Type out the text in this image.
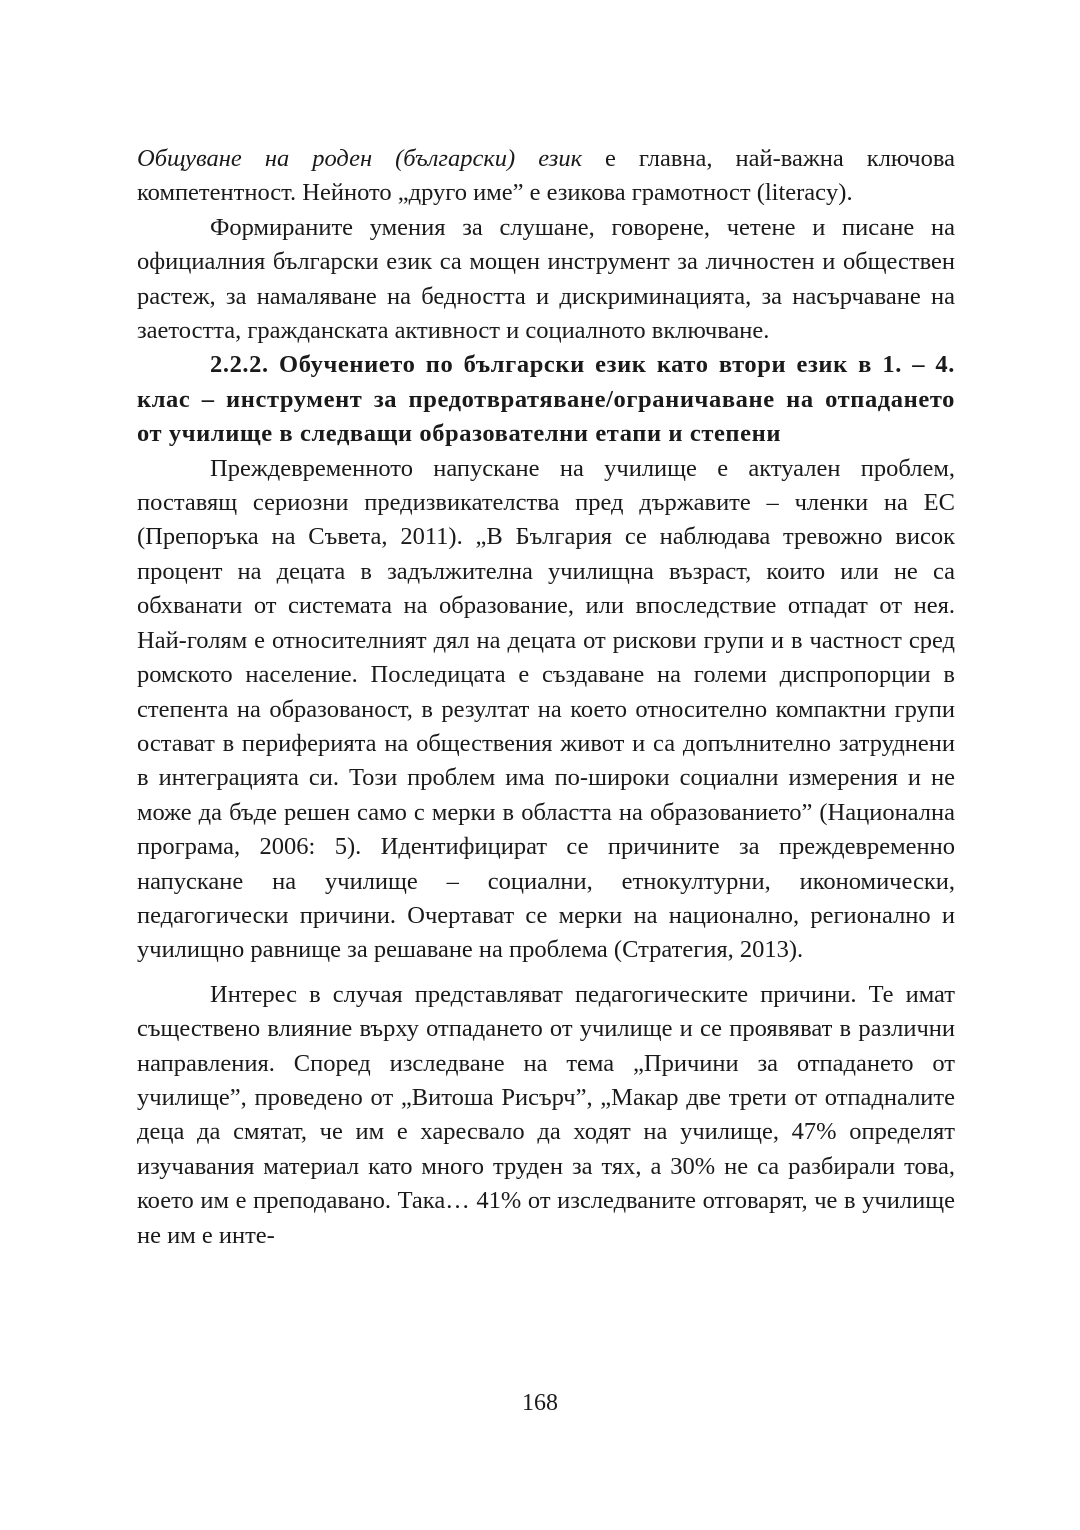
Общуване на роден (български) език е главна, най-важна ключова компетентност. Нейното „друго име” е езикова грамотност (literacy).

Формираните умения за слушане, говорене, четене и писане на официалния български език са мощен инструмент за личностен и обществен растеж, за намаляване на бедността и дискриминацията, за насърчаване на заетостта, гражданската активност и социалното включване.

2.2.2. Обучението по български език като втори език в 1. – 4. клас – инструмент за предотвратяване/ограничаване на отпадането от училище в следващи образователни етапи и степени

Преждевременното напускане на училище е актуален проблем, поставящ сериозни предизвикателства пред държавите – членки на ЕС (Препоръка на Съвета, 2011). „В България се наблюдава тревожно висок процент на децата в задължителна училищна възраст, които или не са обхванати от системата на образование, или впоследствие отпадат от нея. Най-голям е относителният дял на децата от рискови групи и в частност сред ромското население. Последицата е създаване на големи диспропорции в степента на образованост, в резултат на което относително компактни групи остават в периферията на обществения живот и са допълнително затруднени в интеграцията си. Този проблем има по-широки социални измерения и не може да бъде решен само с мерки в областта на образованието” (Национална програма, 2006: 5). Идентифицират се причините за преждевременно напускане на училище – социални, етнокултурни, икономически, педагогически причини. Очертават се мерки на национално, регионално и училищно равнище за решаване на проблема (Стратегия, 2013).

Интерес в случая представляват педагогическите причини. Те имат съществено влияние върху отпадането от училище и се проявяват в различни направления. Според изследване на тема „Причини за отпадането от училище”, проведено от „Витоша Рисърч”, „Макар две трети от отпадналите деца да смятат, че им е харесвало да ходят на училище, 47% определят изучавания материал като много труден за тях, а 30% не са разбирали това, което им е преподавано. Така… 41% от изследваните отговарят, че в училище не им е инте-

168
